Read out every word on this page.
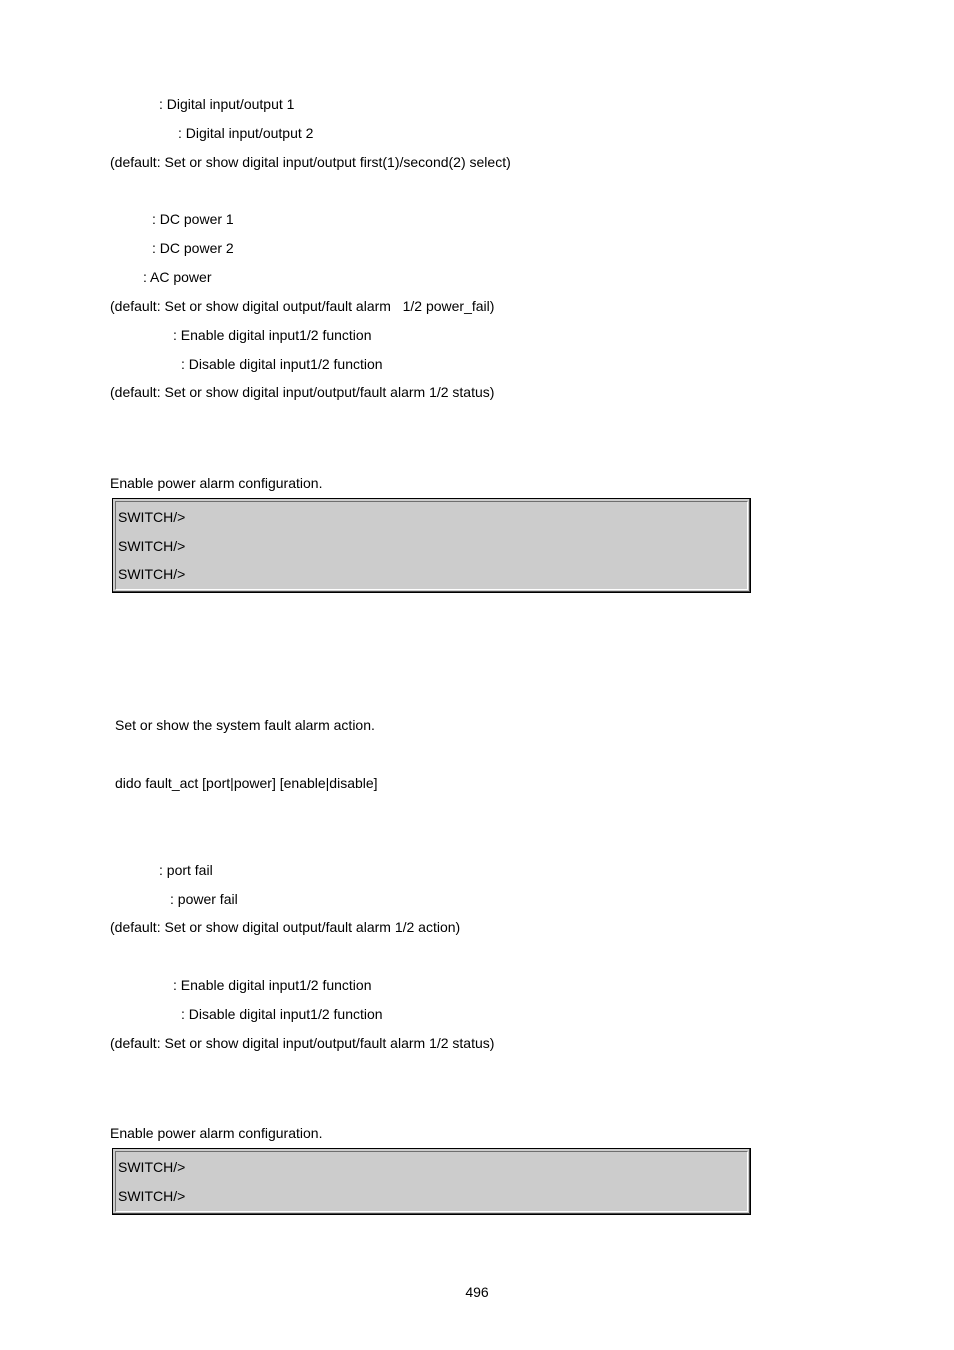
: Digital input/output 1
: Digital input/output 2
(default: Set or show digital input/output first(1)/second(2) select)
: DC power 1
: DC power 2
: AC power
(default: Set or show digital output/fault alarm   1/2 power_fail)
: Enable digital input1/2 function
: Disable digital input1/2 function
(default: Set or show digital input/output/fault alarm 1/2 status)
Enable power alarm configuration.
SWITCH/>
SWITCH/>
SWITCH/>
Set or show the system fault alarm action.
dido fault_act [port|power] [enable|disable]
: port fail
: power fail
(default: Set or show digital output/fault alarm 1/2 action)
: Enable digital input1/2 function
: Disable digital input1/2 function
(default: Set or show digital input/output/fault alarm 1/2 status)
Enable power alarm configuration.
SWITCH/>
SWITCH/>
496
